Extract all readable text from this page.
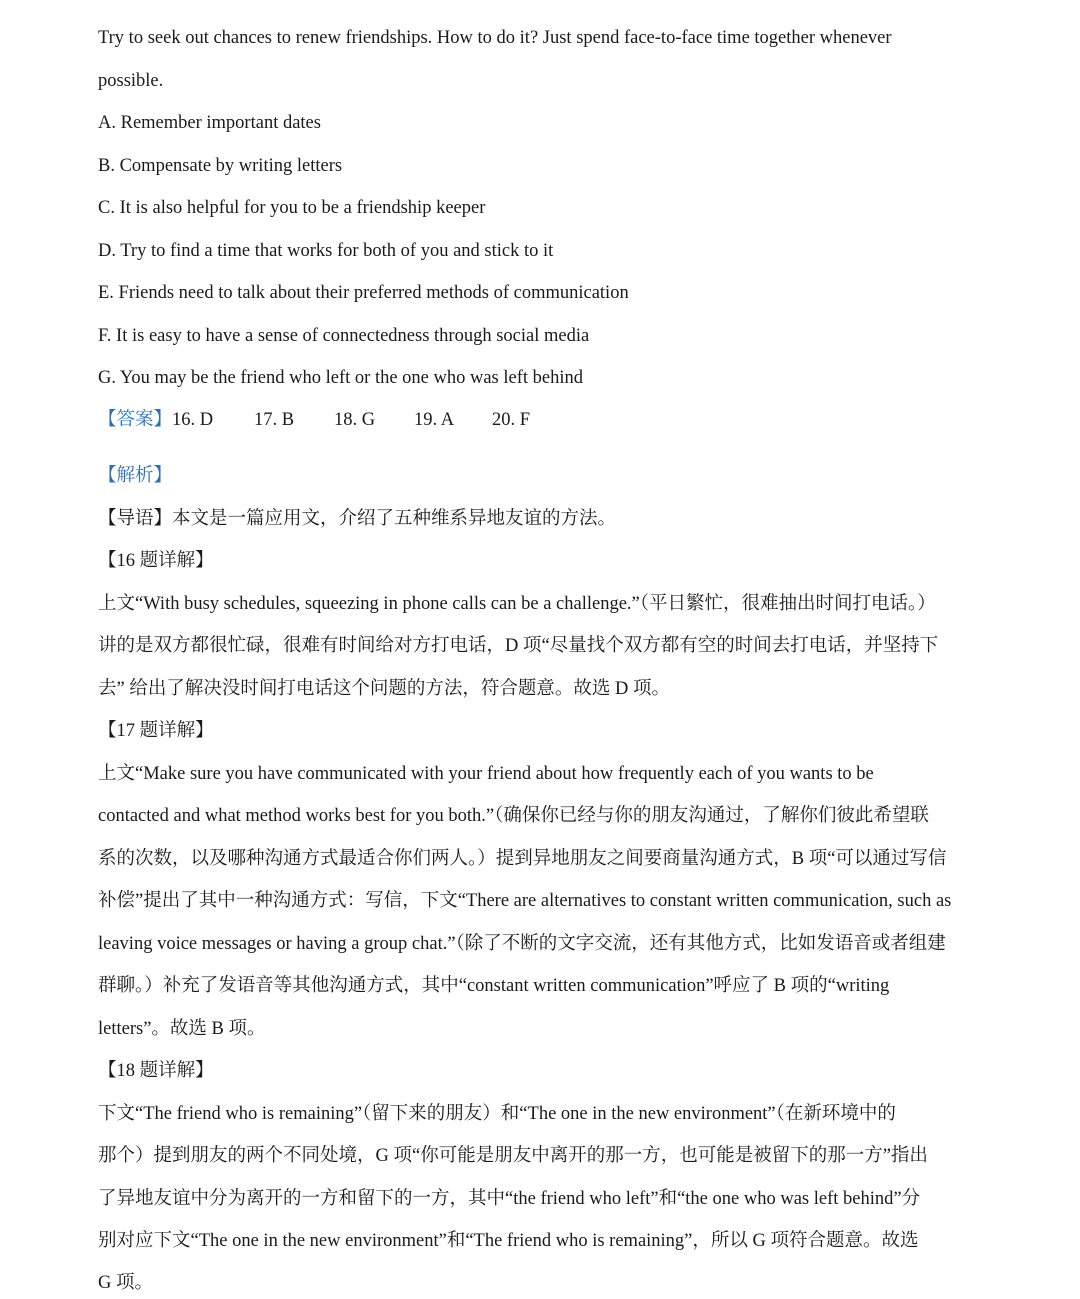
Try to seek out chances to renew friendships. How to do it? Just spend face-to-face time together whenever
possible.
A. Remember important dates
B. Compensate by writing letters
C. It is also helpful for you to be a friendship keeper
D. Try to find a time that works for both of you and stick to it
E. Friends need to talk about their preferred methods of communication
F. It is easy to have a sense of connectedness through social media
G. You may be the friend who left or the one who was left behind
【答案】16. D 17. B 18. G 19. A 20. F
【解析】
【导语】本文是一篇应用文，介绍了五种维系异地友谊的方法。
【16 题详解】
上文“With busy schedules, squeezing in phone calls can be a challenge.”（平日繁忙，很难抽出时间打电话。）
讲的是双方都很忙碌，很难有时间给对方打电话，D 项“尽量找个双方都有空的时间去打电话，并坚持下
去” 给出了解决没时间打电话这个问题的方法，符合题意。故选 D 项。
【17 题详解】
上文“Make sure you have communicated with your friend about how frequently each of you wants to be
contacted and what method works best for you both.”（确保你已经与你的朋友沟通过，了解你们彼此希望联
系的次数，以及哪种沟通方式最适合你们两人。）提到异地朋友之间要商量沟通方式，B 项“可以通过写信
补偿”提出了其中一种沟通方式：写信，下文“There are alternatives to constant written communication, such as
leaving voice messages or having a group chat.”（除了不断的文字交流，还有其他方式，比如发语音或者组建
群聊。）补充了发语音等其他沟通方式，其中“constant written communication”呼应了 B 项的“writing
letters”。故选 B 项。
【18 题详解】
下文“The friend who is remaining”（留下来的朋友）和“The one in the new environment”（在新环境中的
那个）提到朋友的两个不同处境，G 项“你可能是朋友中离开的那一方，也可能是被留下的那一方”指出
了异地友谊中分为离开的一方和留下的一方，其中“the friend who left”和“the one who was left behind”分
别对应下文“The one in the new environment”和“The friend who is remaining”，所以 G 项符合题意。故选
G 项。
